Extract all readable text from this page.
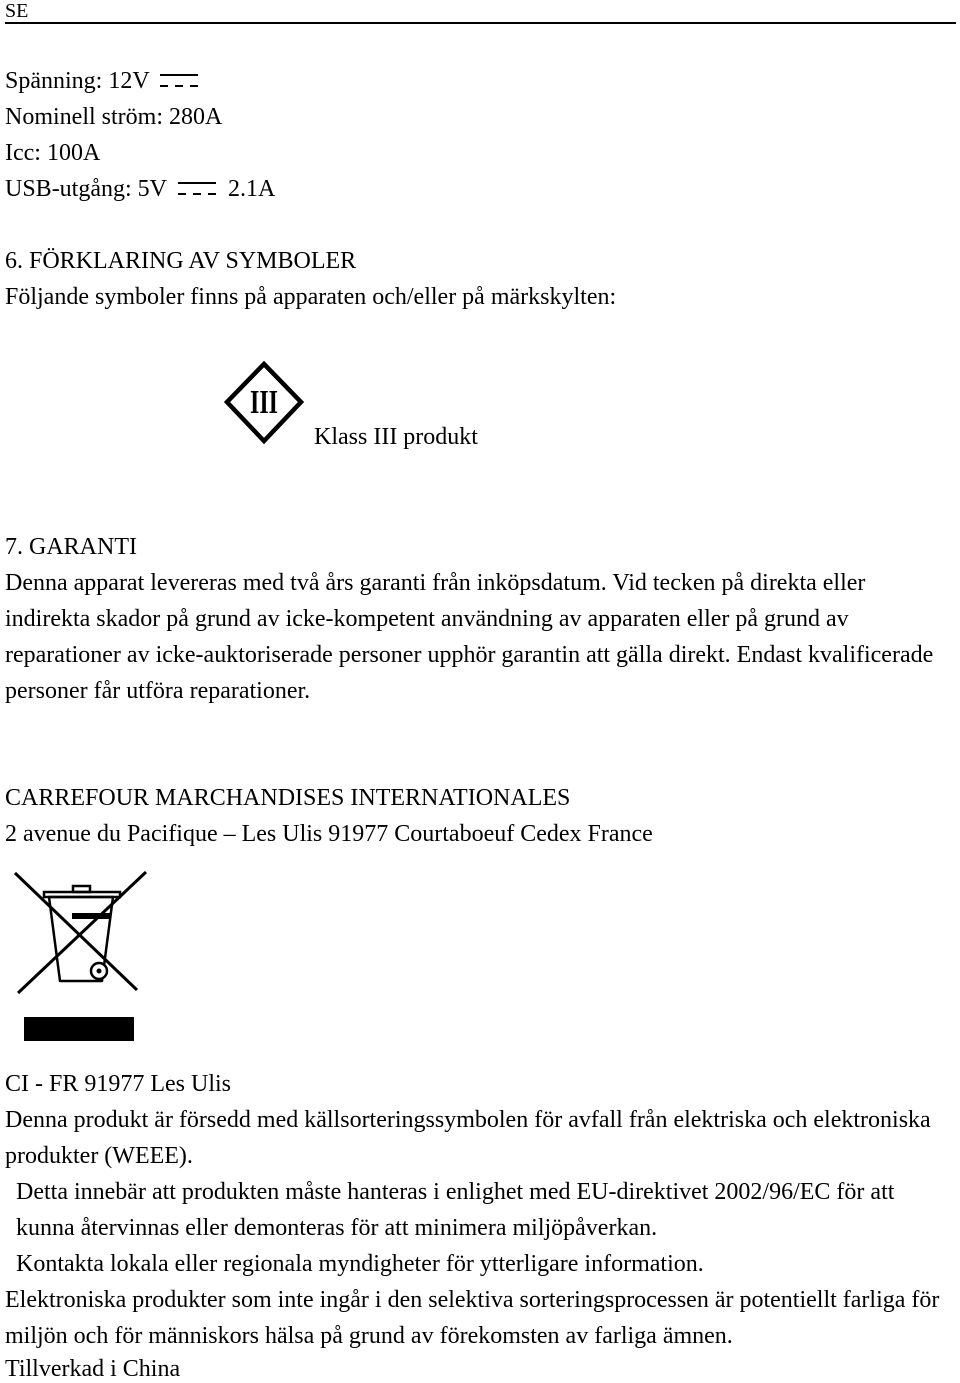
SE
Spänning: 12V
Nominell ström: 280A
Icc: 100A
USB-utgång: 5V	2.1A
6. FÖRKLARING AV SYMBOLER
Följande symboler finns på apparaten och/eller på märkskylten:
III
Klass III produkt
7. GARANTI
Denna apparat levereras med två års garanti från inköpsdatum. Vid tecken på direkta eller
indirekta skador på grund av icke-kompetent användning av apparaten eller på grund av
reparationer av icke-auktoriserade personer upphör garantin att gälla direkt. Endast kvalificerade
personer får utföra reparationer.
CARREFOUR MARCHANDISES INTERNATIONALES
2 avenue du Pacifique – Les Ulis 91977 Courtaboeuf Cedex France
CI - FR 91977 Les Ulis
Denna produkt är försedd med källsorteringssymbolen för avfall från elektriska och elektroniska
produkter (WEEE).
Detta innebär att produkten måste hanteras i enlighet med EU-direktivet 2002/96/EC för att
kunna återvinnas eller demonteras för att minimera miljöpåverkan.
Kontakta lokala eller regionala myndigheter för ytterligare information.
Elektroniska produkter som inte ingår i den selektiva sorteringsprocessen är potentiellt farliga för
miljön och för människors hälsa på grund av förekomsten av farliga ämnen.
Tillverkad i China
